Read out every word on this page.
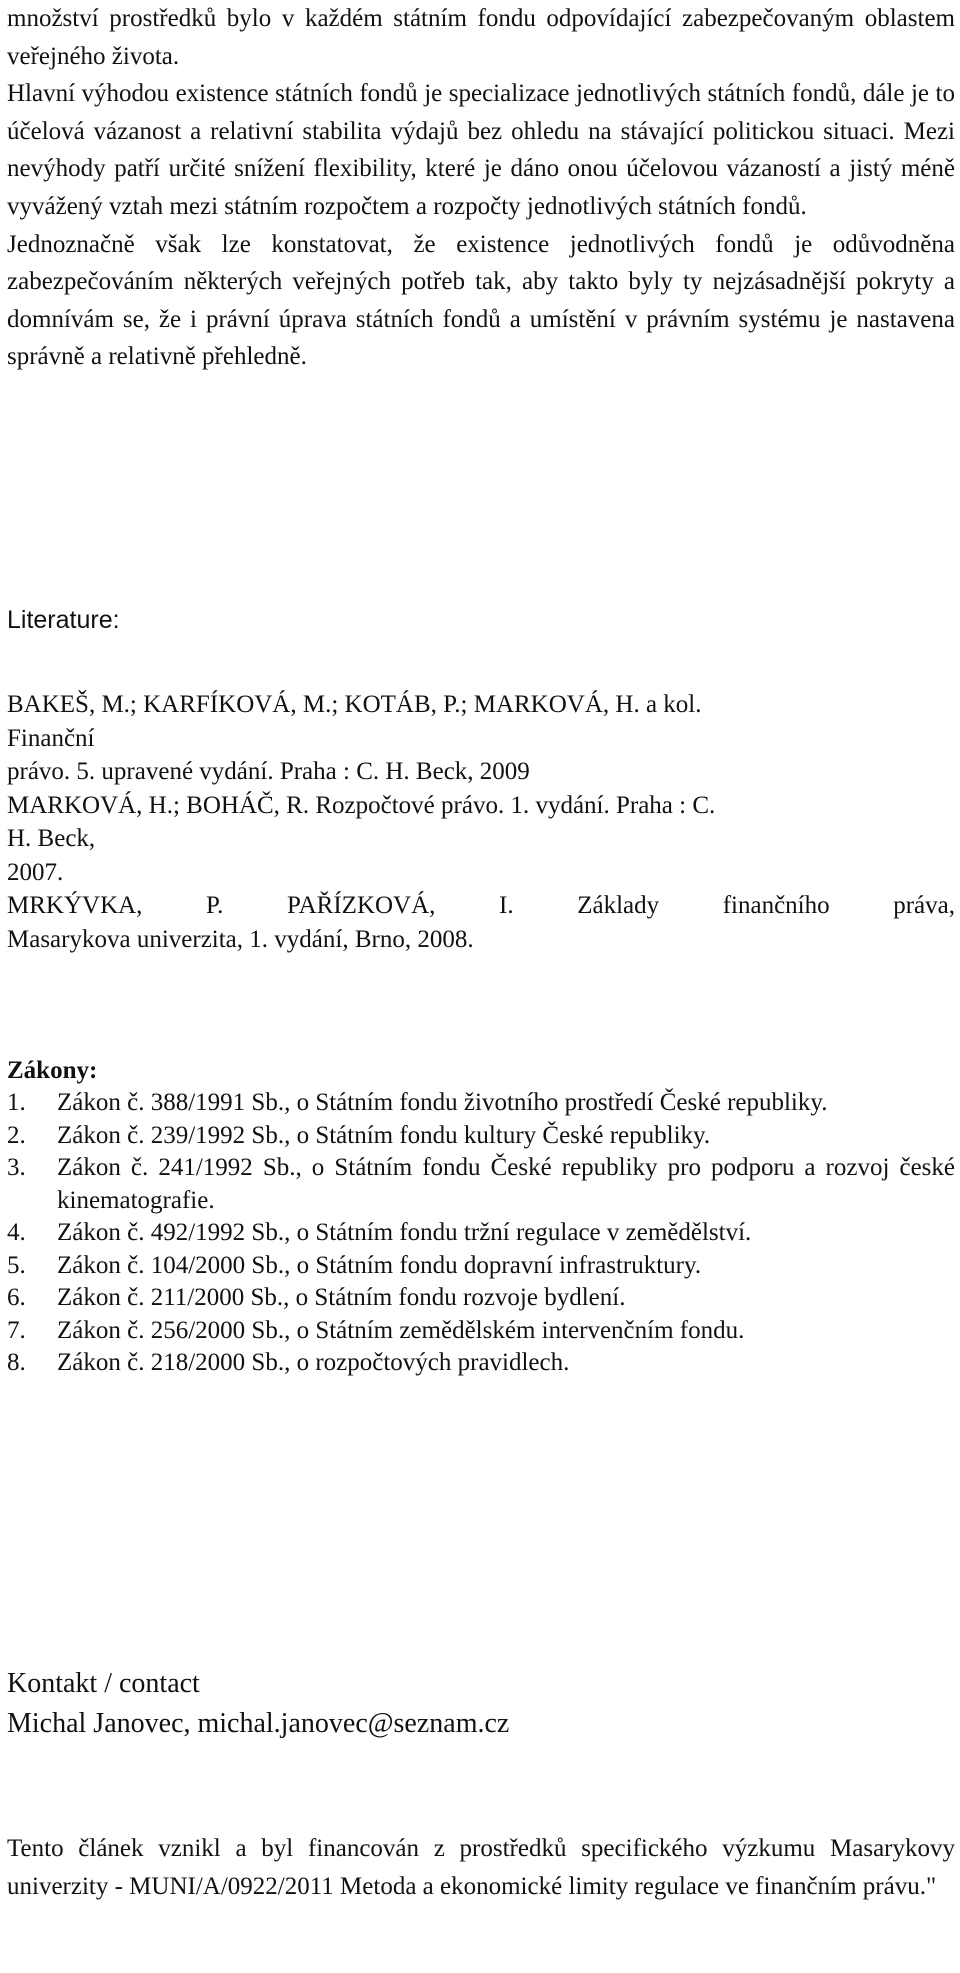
množství prostředků bylo v každém státním fondu odpovídající zabezpečovaným oblastem veřejného života.

Hlavní výhodou existence státních fondů je specializace jednotlivých státních fondů, dále je to účelová vázanost a relativní stabilita výdajů bez ohledu na stávající politickou situaci. Mezi nevýhody patří určité snížení flexibility, které je dáno onou účelovou vázaností a jistý méně vyvážený vztah mezi státním rozpočtem a rozpočty jednotlivých státních fondů.

Jednoznačně však lze konstatovat, že existence jednotlivých fondů je odůvodněna zabezpečováním některých veřejných potřeb tak, aby takto byly ty nejzásadnější pokryty a domnívám se, že i právní úprava státních fondů a umístění v právním systému je nastavena správně a relativně přehledně.

Literature:

BAKEŠ, M.; KARFÍKOVÁ, M.; KOTÁB, P.; MARKOVÁ, H. a kol.

Finanční

právo. 5. upravené vydání. Praha : C. H. Beck, 2009

MARKOVÁ, H.; BOHÁČ, R. Rozpočtové právo. 1. vydání. Praha : C.

H. Beck,

2007.

MRKÝVKA, P. PAŘÍZKOVÁ, I. Základy finančního práva,

Masarykova univerzita, 1. vydání, Brno, 2008.

Zákony:
1. Zákon č. 388/1991 Sb., o Státním fondu životního prostředí České republiky.
2. Zákon č. 239/1992 Sb., o Státním fondu kultury České republiky.
3. Zákon č. 241/1992 Sb., o Státním fondu České republiky pro podporu a rozvoj české kinematografie.
4. Zákon č. 492/1992 Sb., o Státním fondu tržní regulace v zemědělství.
5. Zákon č. 104/2000 Sb., o Státním fondu dopravní infrastruktury.
6. Zákon č. 211/2000 Sb., o Státním fondu rozvoje bydlení.
7. Zákon č. 256/2000 Sb., o Státním zemědělském intervenčním fondu.
8. Zákon č. 218/2000 Sb., o rozpočtových pravidlech.

Kontakt / contact

Michal Janovec, michal.janovec@seznam.cz

Tento článek vznikl a byl financován z prostředků specifického výzkumu Masarykovy univerzity - MUNI/A/0922/2011 Metoda a ekonomické limity regulace ve finančním právu."
